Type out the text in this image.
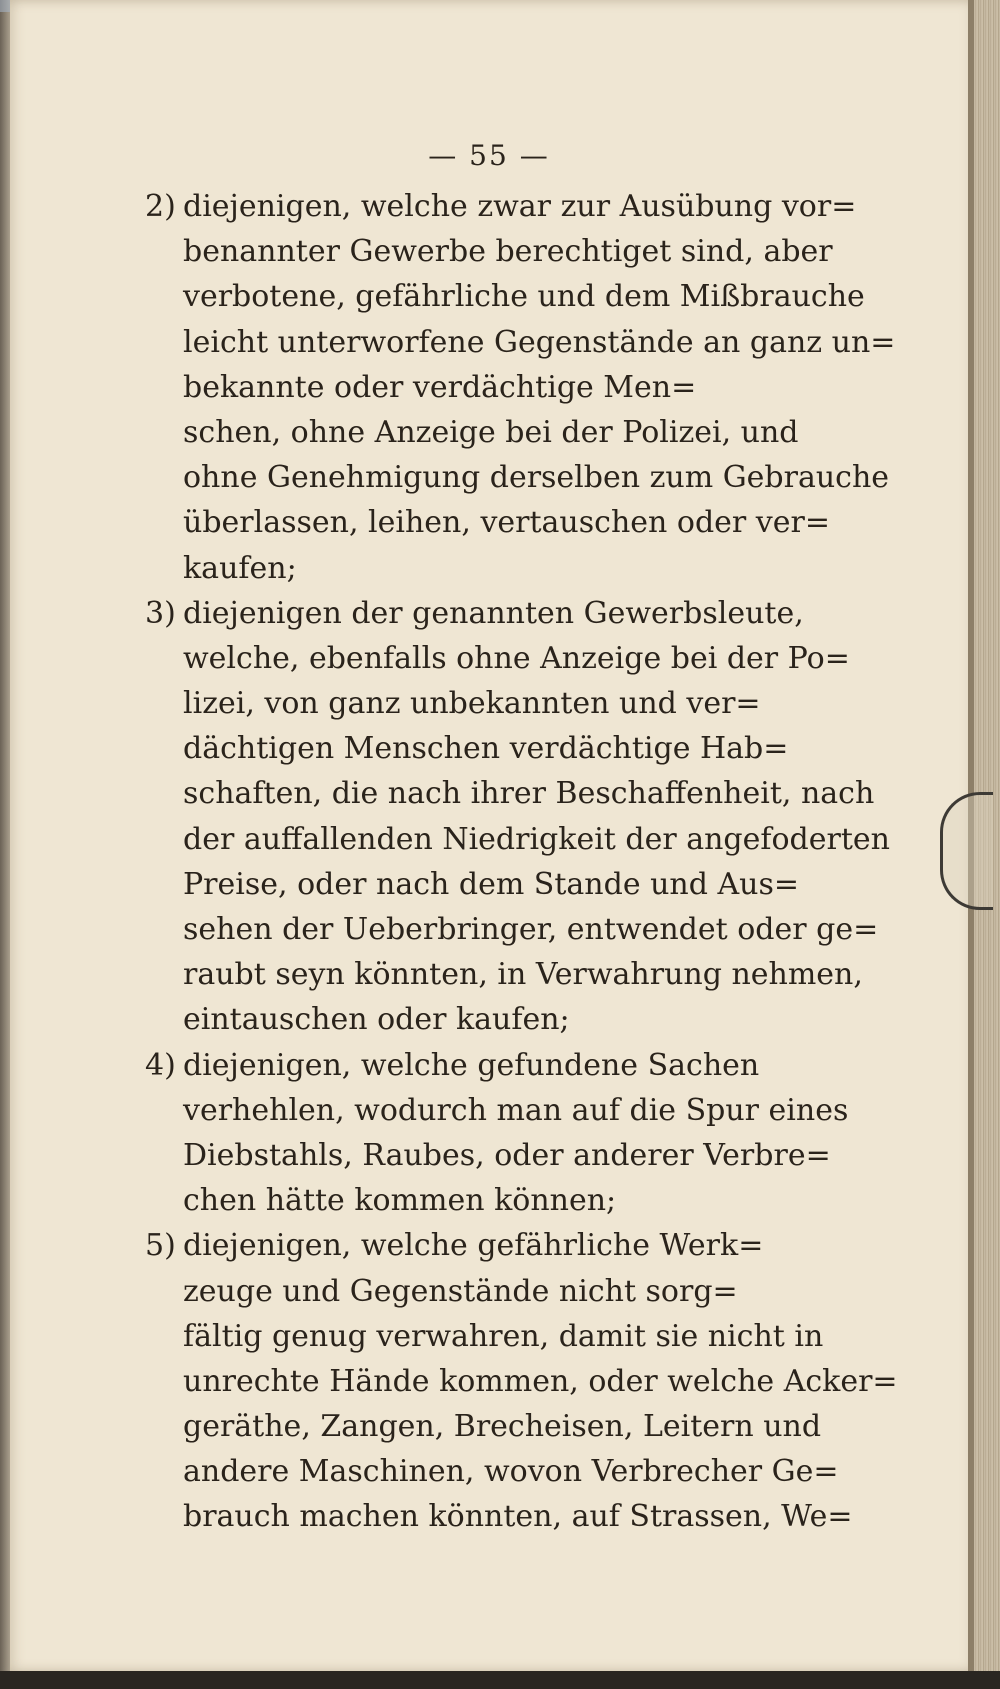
— 55 —
2) diejenigen, welche zwar zur Ausübung vor=
benannter Gewerbe berechtiget sind, aber
verbotene, gefährliche und dem Mißbrauche
leicht unterworfene Gegenstände an ganz un=
bekannte oder verdächtige Men=
schen, ohne Anzeige bei der Polizei, und
ohne Genehmigung derselben zum Gebrauche
überlassen, leihen, vertauschen oder ver=
kaufen;
3) diejenigen der genannten Gewerbsleute,
welche, ebenfalls ohne Anzeige bei der Po=
lizei, von ganz unbekannten und ver=
dächtigen Menschen verdächtige Hab=
schaften, die nach ihrer Beschaffenheit, nach
der auffallenden Niedrigkeit der angefoderten
Preise, oder nach dem Stande und Aus=
sehen der Ueberbringer, entwendet oder ge=
raubt seyn könnten, in Verwahrung nehmen,
eintauschen oder kaufen;
4) diejenigen, welche gefundene Sachen
verhehlen, wodurch man auf die Spur eines
Diebstahls, Raubes, oder anderer Verbre=
chen hätte kommen können;
5) diejenigen, welche gefährliche Werk=
zeuge und Gegenstände nicht sorg=
fältig genug verwahren, damit sie nicht in
unrechte Hände kommen, oder welche Acker=
geräthe, Zangen, Brecheisen, Leitern und
andere Maschinen, wovon Verbrecher Ge=
brauch machen könnten, auf Strassen, We=
